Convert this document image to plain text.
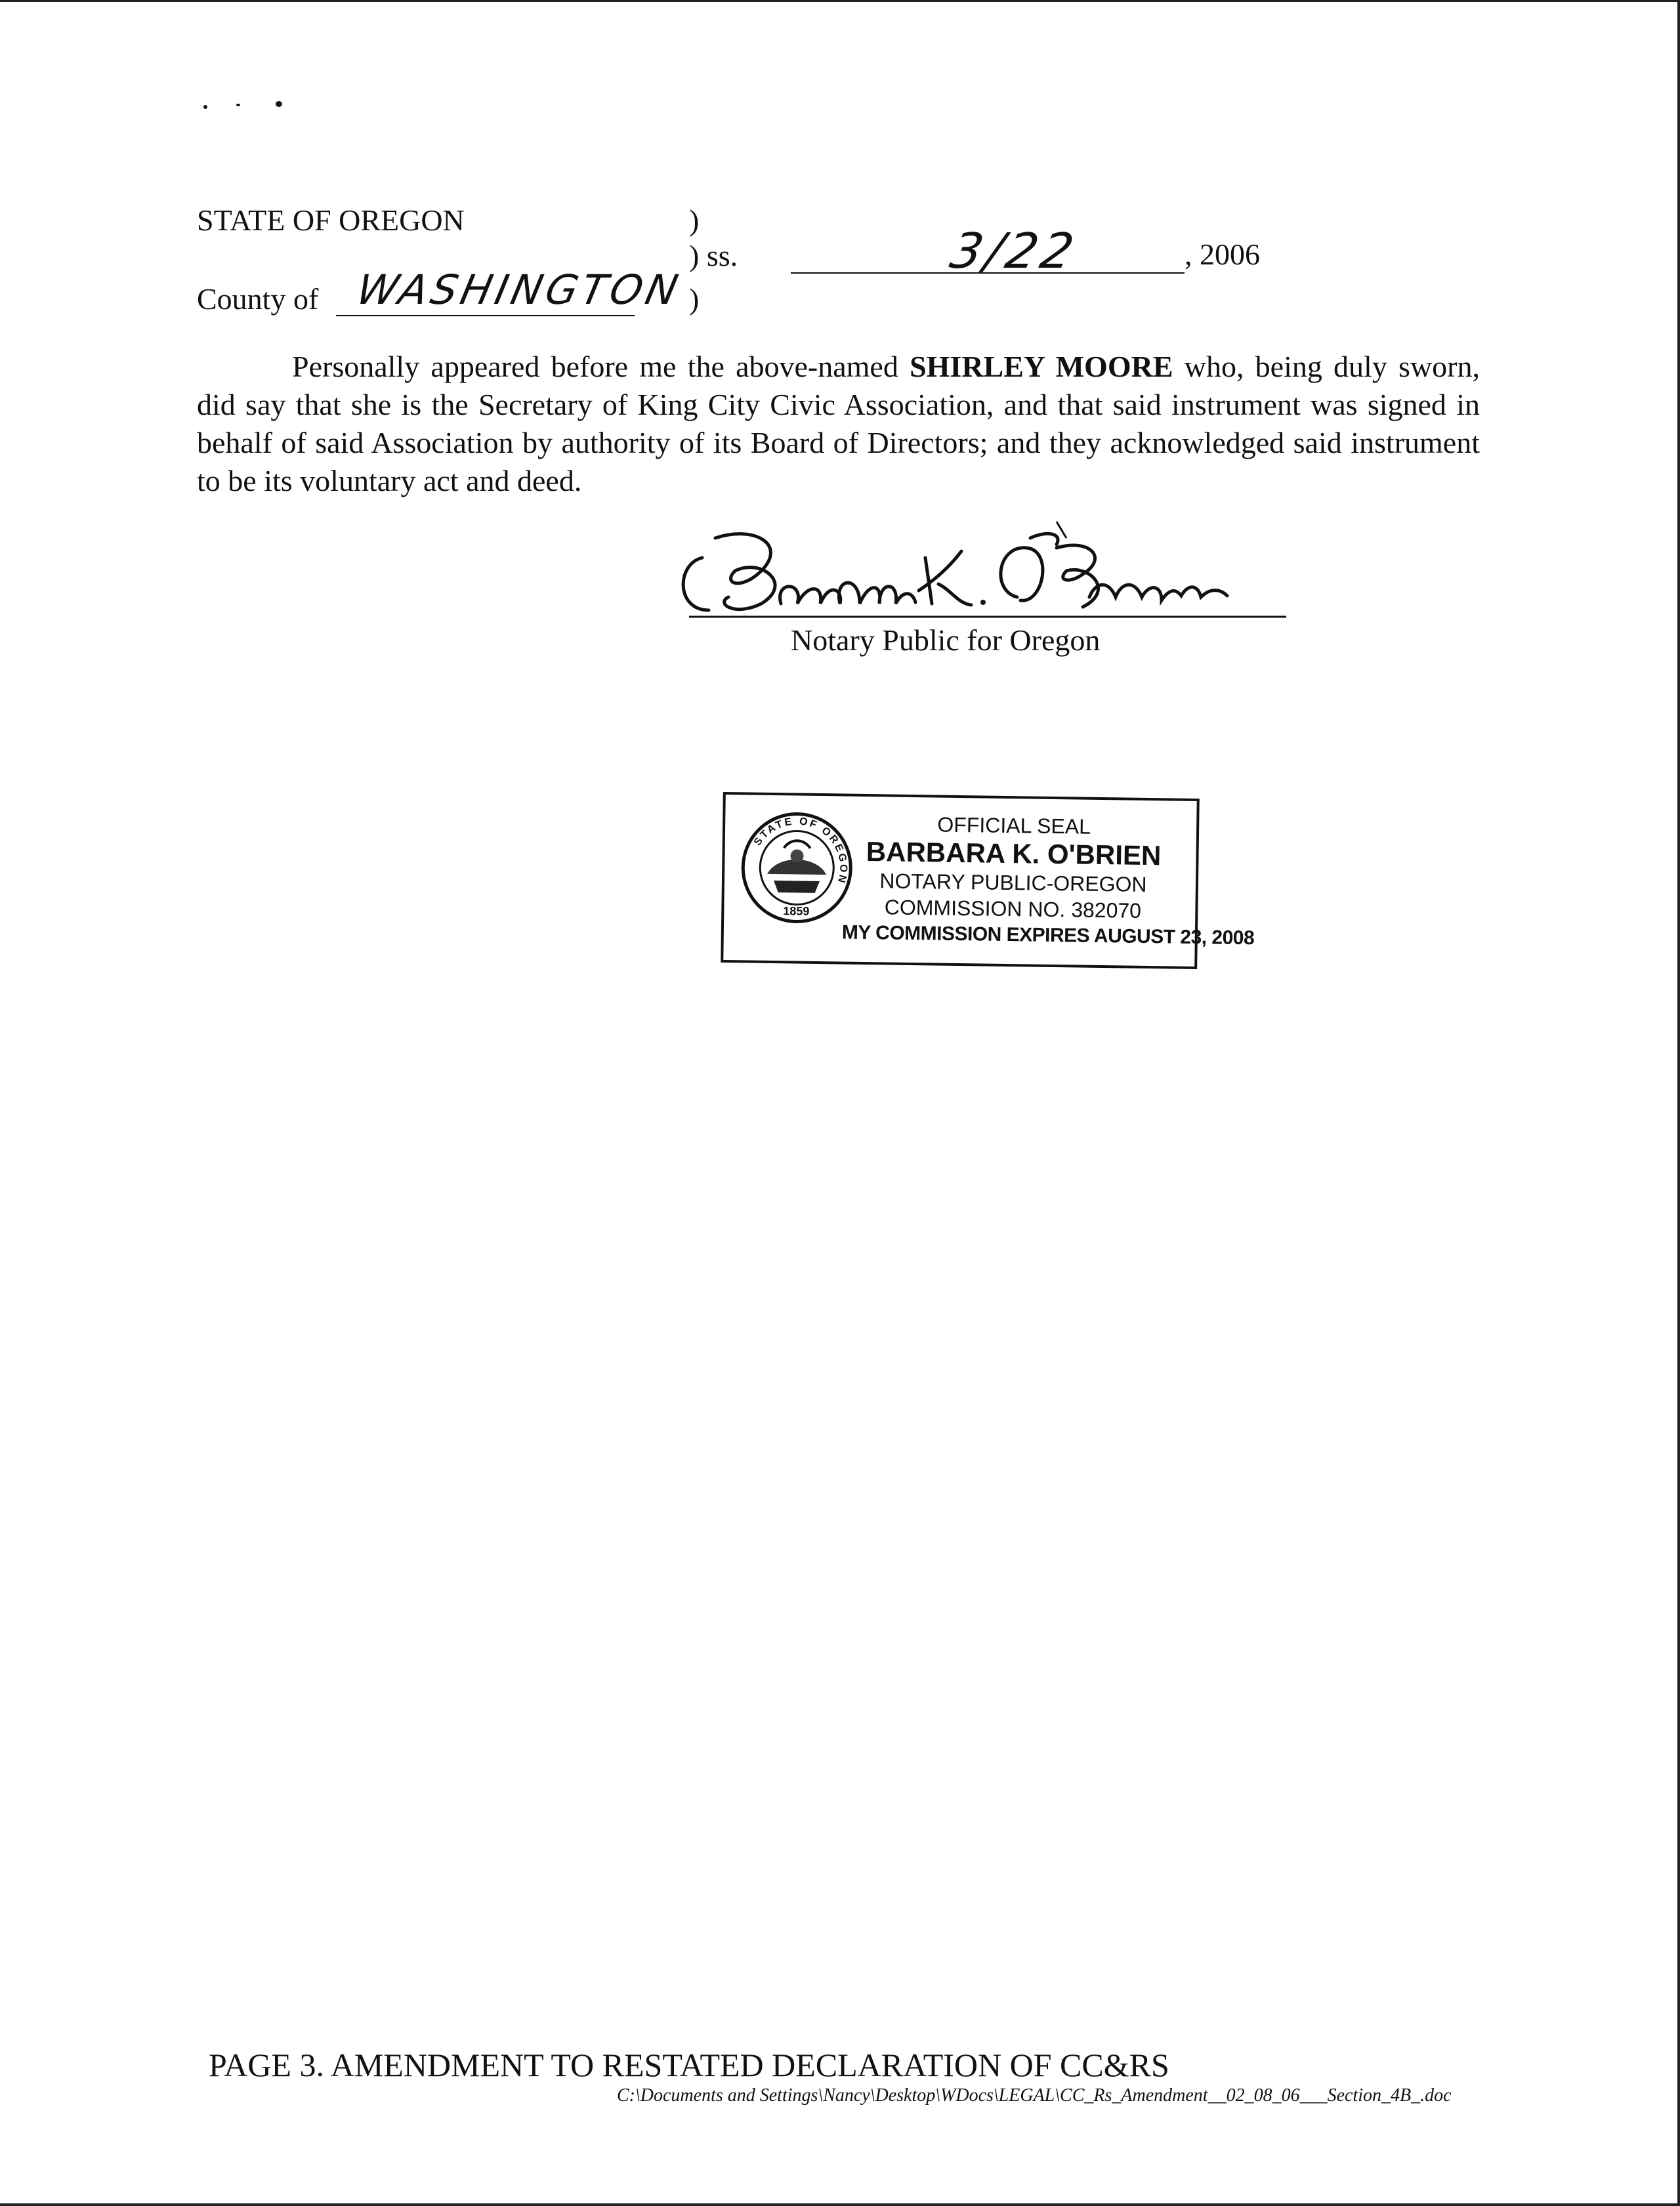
STATE OF OREGON	)
) ss.
)
County of WASHINGTON
3/22	, 2006
Personally appeared before me the above-named SHIRLEY MOORE who, being duly sworn, did say that she is the Secretary of King City Civic Association, and that said instrument was signed in behalf of said Association by authority of its Board of Directors; and they acknowledged said instrument to be its voluntary act and deed.
Notary Public for Oregon
STATE OF OREGON
1859
OFFICIAL SEAL
BARBARA K. O'BRIEN
NOTARY PUBLIC-OREGON
COMMISSION NO. 382070
MY COMMISSION EXPIRES AUGUST 23, 2008
PAGE 3. AMENDMENT TO RESTATED DECLARATION OF CC&RS
C:\Documents and Settings\Nancy\Desktop\WDocs\LEGAL\CC_Rs_Amendment__02_08_06___Section_4B_.doc
